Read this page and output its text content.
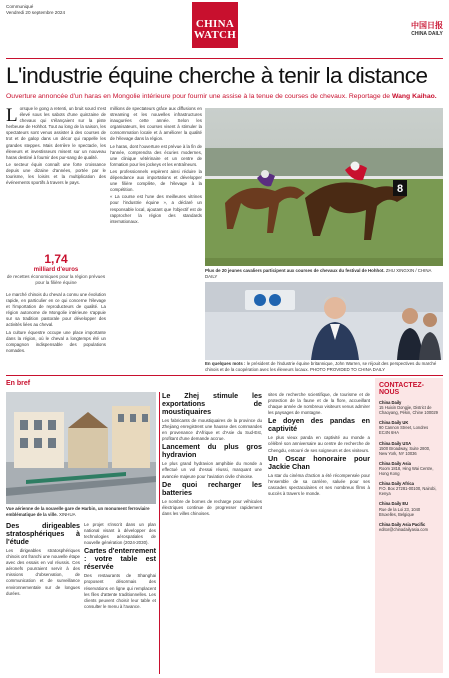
Communiqué
Vendredi 20 septembre 2024
CHINA
WATCH
中国日报
CHINA DAILY
L'industrie équine cherche à tenir la distance
Ouverture annoncée d'un haras en Mongolie intérieure pour fournir une assise à la tenue de courses de chevaux. Reportage de Wang Kaihao.

Lorsque le gong a retenti, un bruit sourd s'est élevé sous les sabots d'une quinzaine de chevaux qui s'élançaient sur la piste herbeuse de Hohhot. Tout au long de la saison, les spectateurs sont venus assister à des courses de trot et de galop dans un décor qui rappelle les grandes steppes. Mais derrière le spectacle, les éleveurs et investisseurs misent sur un nouveau haras destiné à fournir des pur-sang de qualité.

Le secteur équin connaît une forte croissance depuis une dizaine d'années, portée par le tourisme, les loisirs et la multiplication des événements sportifs à travers le pays.

1,74
milliard d'euros
de recettes économiques pour la région prévues pour la filière équine

Le marché chinois du cheval a connu une évolution rapide, en particulier en ce qui concerne l'élevage et l'importation de reproducteurs de qualité. La région autonome de Mongolie intérieure s'appuie sur sa tradition pastorale pour développer des activités liées au cheval.

La culture équestre occupe une place importante dans la région, où le cheval a longtemps été un compagnon indispensable des populations nomades.

millions de spectateurs grâce aux diffusions en streaming et les nouvelles infrastructures inaugurées cette année. Selon les organisateurs, les courses visent à stimuler la consommation locale et à améliorer la qualité de l'élevage dans la région.

Le haras, dont l'ouverture est prévue à la fin de l'année, comprendra des écuries modernes, une clinique vétérinaire et un centre de formation pour les jockeys et les entraîneurs.

Les professionnels espèrent ainsi réduire la dépendance aux importations et développer une filière complète, de l'élevage à la compétition.

« La course est l'une des meilleures vitrines pour l'industrie équine », a déclaré un responsable local, ajoutant que l'objectif est de rapprocher la région des standards internationaux.

8
Plus de 20 jeunes cavaliers participent aux courses de chevaux du festival de Hohhot. ZHU XINGXIN / CHINA DAILY
En quelques mots : le président de l'industrie équine britannique, John Warren, se réjouit des perspectives du marché chinois et de la coopération avec les éleveurs locaux. PHOTO PROVIDED TO CHINA DAILY
En bref
Vue aérienne de la nouvelle gare de Harbin, un monument ferroviaire emblématique de la ville. XINHUA
Des dirigeables stratosphériques à l'étude

Les dirigeables stratosphériques chinois ont franchi une nouvelle étape avec des essais en vol réussis. Ces aéronefs pourraient servir à des missions d'observation, de communication et de surveillance environnementale sur de longues durées.

Le projet s'inscrit dans un plan national visant à développer des technologies aérospatiales de nouvelle génération (2024-2030).

Cartes d'enterrement : votre table est réservée

Des restaurants de Shanghai proposent désormais des réservations en ligne qui remplacent les files d'attente traditionnelles. Les clients peuvent choisir leur table et consulter le menu à l'avance.

Le Zhej stimule les exportations de moustiquaires

Les fabricants de moustiquaires de la province du Zhejiang enregistrent une hausse des commandes en provenance d'Afrique et d'Asie du Sud-Est, profitant d'une demande accrue.

Lancement du plus gros hydravion

Le plus grand hydravion amphibie du monde a effectué un vol d'essai réussi, marquant une avancée majeure pour l'aviation civile chinoise.

De quoi recharger les batteries

Le nombre de bornes de recharge pour véhicules électriques continue de progresser rapidement dans les villes chinoises.

sites de recherche scientifique, de tourisme et de protection de la faune et de la flore, accueillant chaque année de nombreux visiteurs venus admirer les paysages de montagne.

Le doyen des pandas en captivité

Le plus vieux panda en captivité au monde a célébré son anniversaire au centre de recherche de Chengdu, entouré de ses soigneurs et des visiteurs.

Un Oscar honoraire pour Jackie Chan

La star du cinéma d'action a été récompensée pour l'ensemble de sa carrière, saluée pour ses cascades spectaculaires et ses nombreux films à succès à travers le monde.

CONTACTEZ-NOUS
China Daily
15 Huixin Dongjie, District de Chaoyang, Pékin, Chine 100029
China Daily UK
90 Cannon Street, Londres EC4N 6HA
China Daily USA
1500 Broadway, Suite 2800, New York, NY 10036
China Daily Asia
Room 1818, Hing Wai Centre, Hong Kong
China Daily Africa
P.O. Box 27281-00100, Nairobi, Kenya
China Daily EU
Rue de la Loi 23, 1040 Bruxelles, Belgique
China Daily Asia Pacific
editor@chinadailyasia.com
